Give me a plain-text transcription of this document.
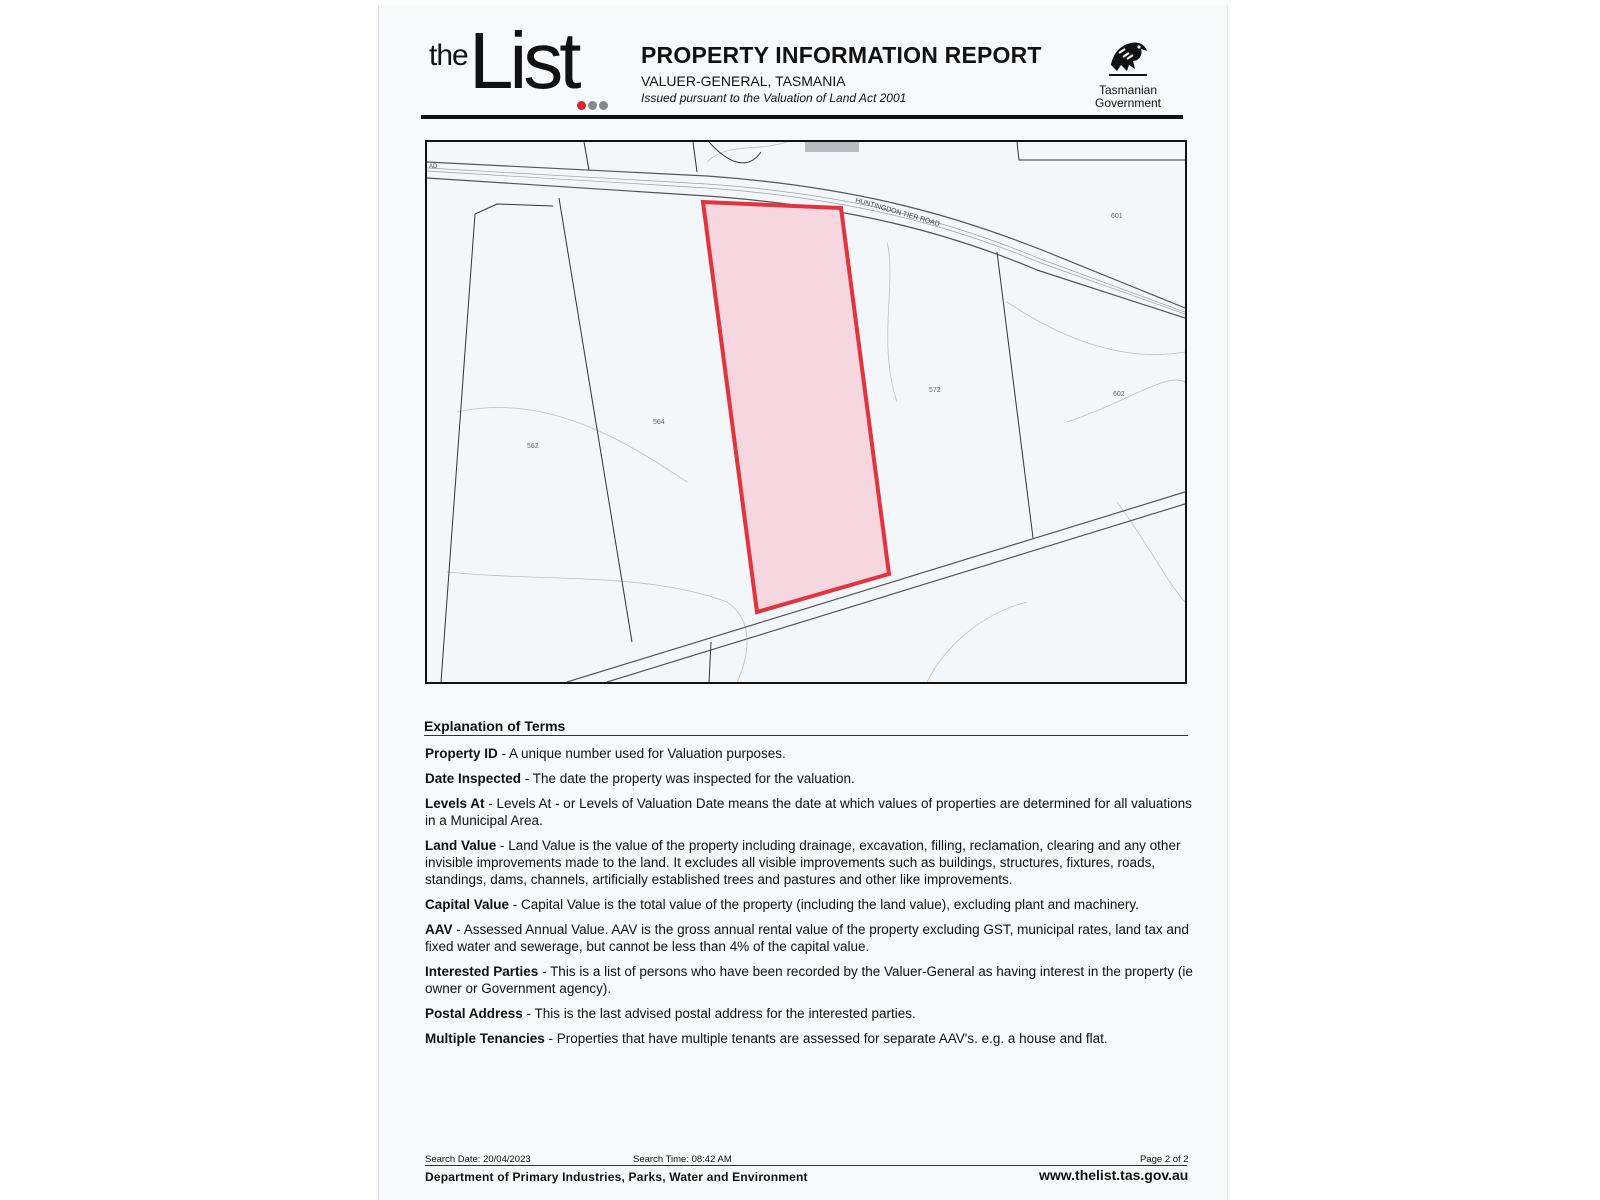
the List	PROPERTY INFORMATION REPORT
VALUER-GENERAL, TASMANIA
Issued pursuant to the Valuation of Land Act 2001
Tasmanian
Government
HUNTINGDON TIER ROAD
AD
562
564
572
602
601
Explanation of Terms
Property ID - A unique number used for Valuation purposes.
Date Inspected - The date the property was inspected for the valuation.
Levels At - Levels At - or Levels of Valuation Date means the date at which values of properties are determined for all valuations in a Municipal Area.
Land Value - Land Value is the value of the property including drainage, excavation, filling, reclamation, clearing and any other invisible improvements made to the land. It excludes all visible improvements such as buildings, structures, fixtures, roads, standings, dams, channels, artificially established trees and pastures and other like improvements.
Capital Value - Capital Value is the total value of the property (including the land value), excluding plant and machinery.
AAV - Assessed Annual Value. AAV is the gross annual rental value of the property excluding GST, municipal rates, land tax and fixed water and sewerage, but cannot be less than 4% of the capital value.
Interested Parties - This is a list of persons who have been recorded by the Valuer-General as having interest in the property (ie owner or Government agency).
Postal Address - This is the last advised postal address for the interested parties.
Multiple Tenancies - Properties that have multiple tenants are assessed for separate AAV's. e.g. a house and flat.
Search Date: 20/04/2023	Search Time: 08:42 AM	Page 2 of 2
Department of Primary Industries, Parks, Water and Environment	www.thelist.tas.gov.au
